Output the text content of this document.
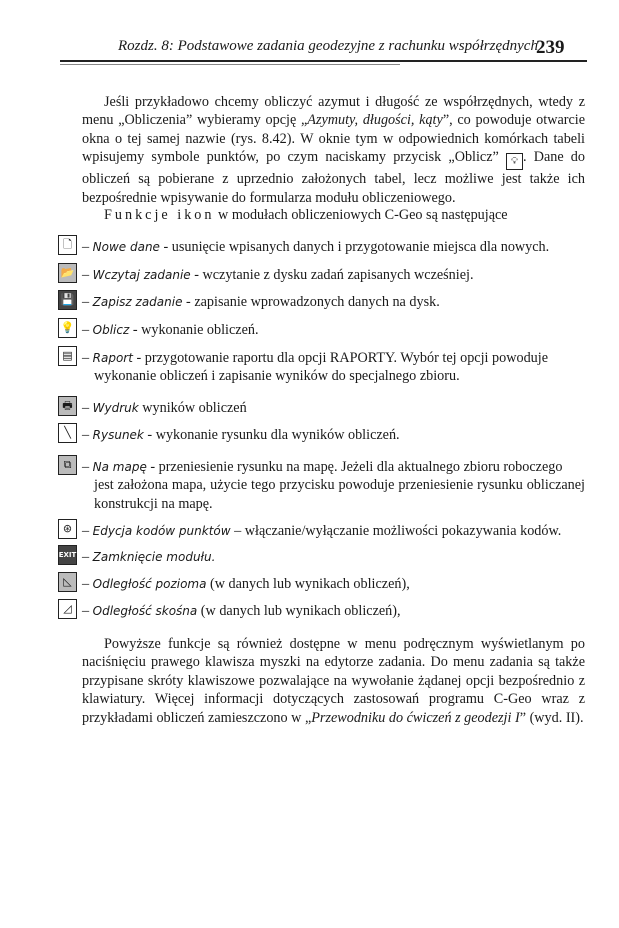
Rozdz. 8: Podstawowe zadania geodezyjne z rachunku współrzędnych
239
Jeśli przykładowo chcemy obliczyć azymut i długość ze współrzędnych, wtedy z menu „Obliczenia” wybieramy opcję „Azymuty, długości, kąty”, co powoduje otwarcie okna o tej samej nazwie (rys. 8.42). W oknie tym w odpowiednich komórkach tabeli wpisujemy symbole punktów, po czym naciskamy przycisk „Oblicz” 💡︎ . Dane do obliczeń są pobierane z uprzednio założonych tabel, lecz możliwe jest także ich bezpośrednie wpisywanie do formularza modułu obliczeniowego.
Funkcje ikon w modułach obliczeniowych C-Geo są następujące
🗋 – Nowe dane - usunięcie wpisanych danych i przygotowanie miejsca dla nowych.
📂 – Wczytaj zadanie - wczytanie z dysku zadań zapisanych wcześniej.
💾 – Zapisz zadanie - zapisanie wprowadzonych danych na dysk.
💡 – Oblicz - wykonanie obliczeń.
▤ – Raport - przygotowanie raportu dla opcji RAPORTY. Wybór tej opcji powoduje
wykonanie obliczeń i zapisanie wyników do specjalnego zbioru.
🖶 – Wydruk wyników obliczeń
╲ – Rysunek - wykonanie rysunku dla wyników obliczeń.
⧉ – Na mapę - przeniesienie rysunku na mapę. Jeżeli dla aktualnego zbioru roboczego
jest założona mapa, użycie tego przycisku powoduje przeniesienie rysunku obliczanej konstrukcji na mapę.
⊛ – Edycja kodów punktów – włączanie/wyłączanie możliwości pokazywania kodów.
EXIT – Zamknięcie modułu.
◺ – Odległość pozioma (w danych lub wynikach obliczeń),
◿ – Odległość skośna (w danych lub wynikach obliczeń),
Powyższe funkcje są również dostępne w menu podręcznym wyświetlanym po naciśnięciu prawego klawisza myszki na edytorze zadania. Do menu zadania są także przypisane skróty klawiszowe pozwalające na wywołanie żądanej opcji bezpośrednio z klawiatury. Więcej informacji dotyczących zastosowań programu C-Geo wraz z przykładami obliczeń zamieszczono w „Przewodniku do ćwiczeń z geodezji I” (wyd. II).
